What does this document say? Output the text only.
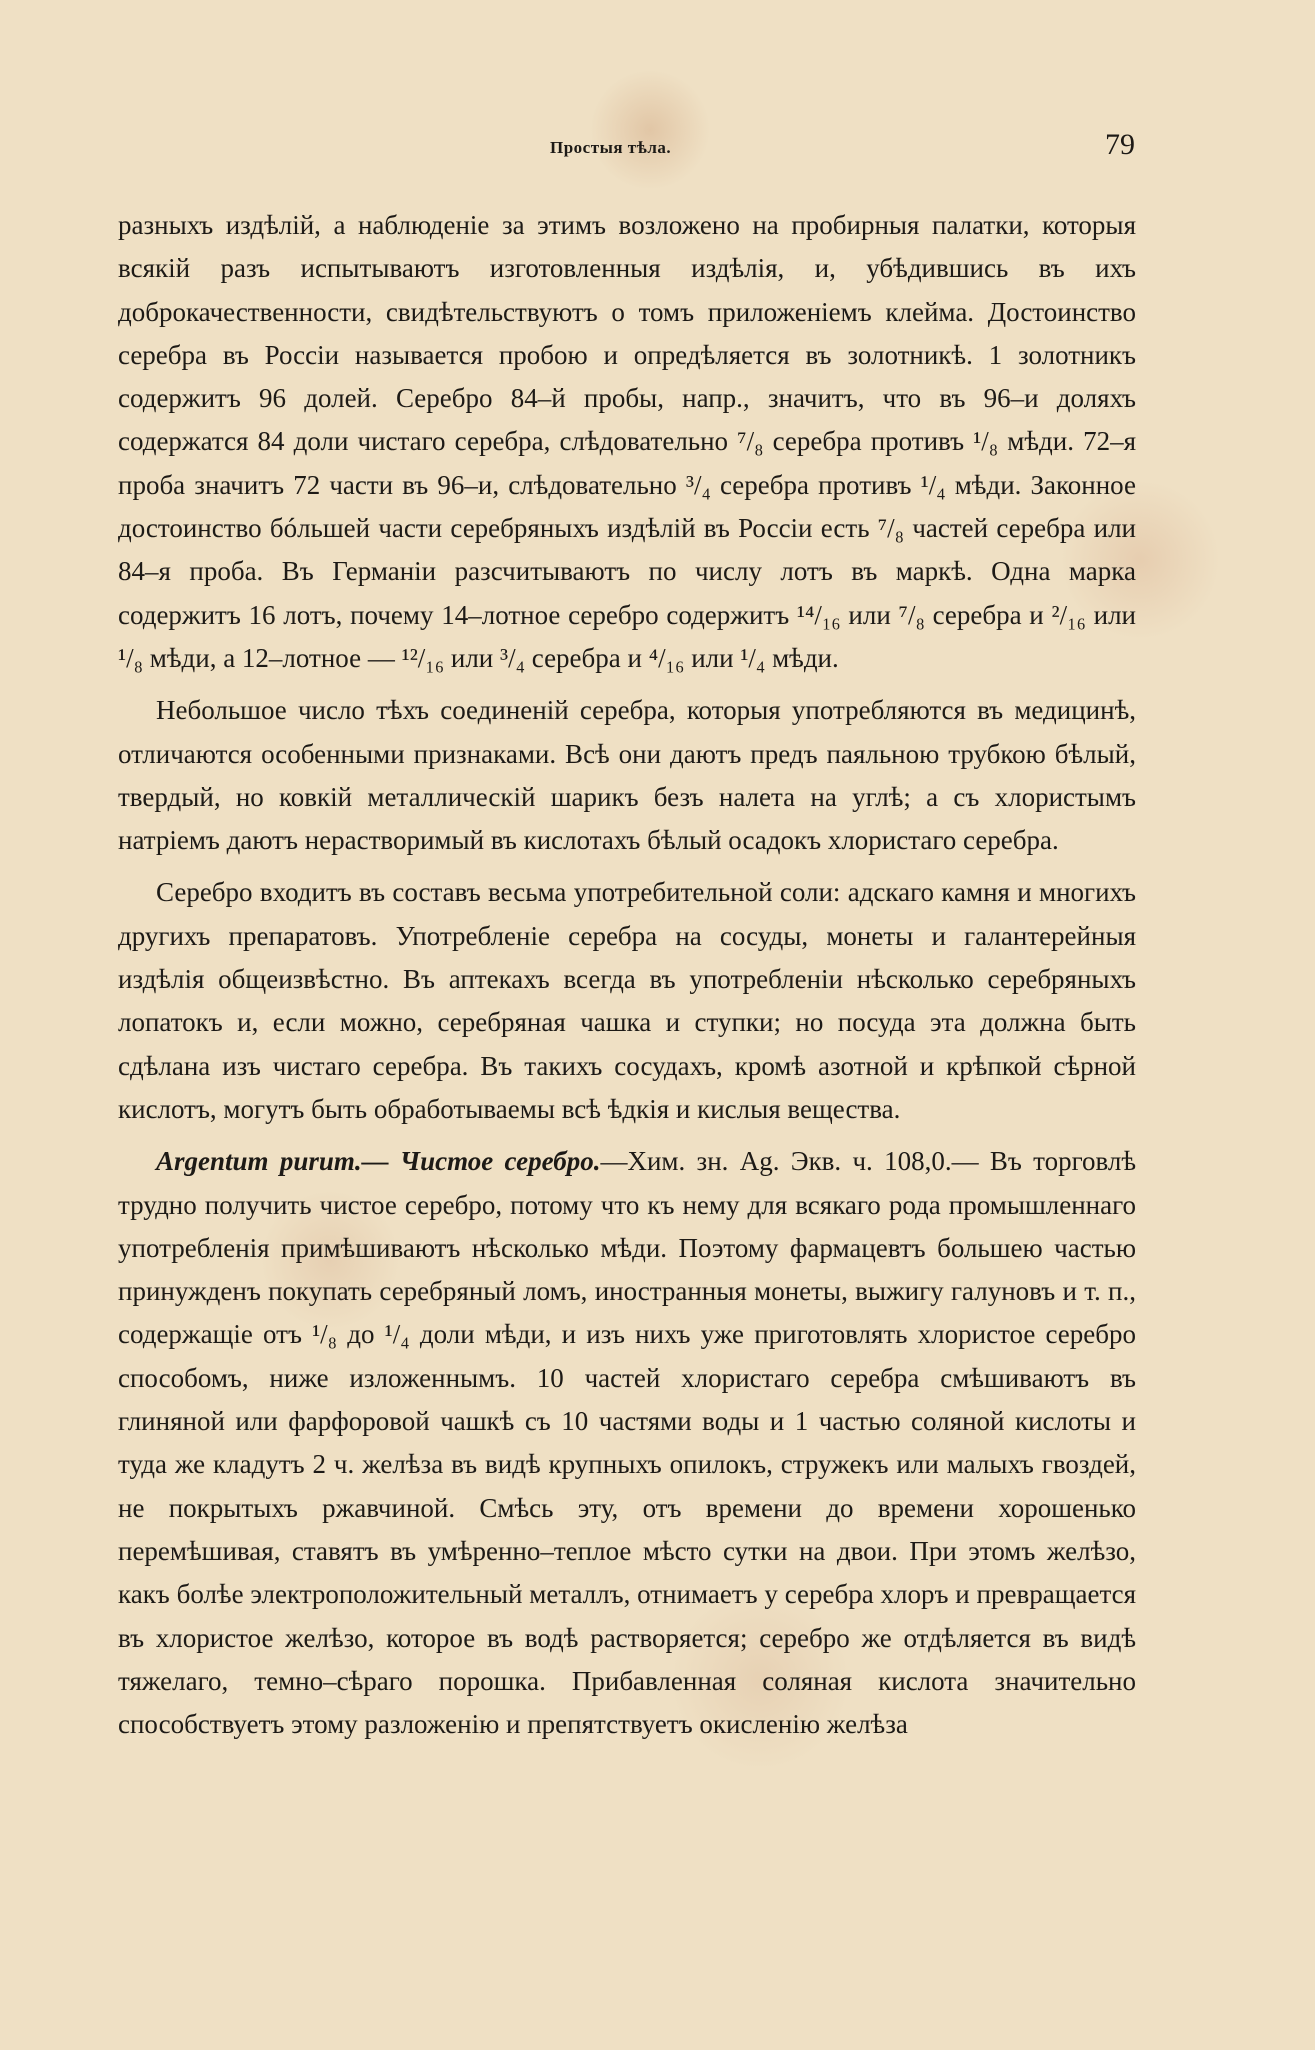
Простыя тѣла.	79

разныхъ издѣлій, а наблюденіе за этимъ возложено на пробирныя палатки, которыя всякій разъ испытываютъ изготовленныя издѣлія, и, убѣдившись въ ихъ доброкачественности, свидѣтельствуютъ о томъ приложеніемъ клейма. Достоинство серебра въ Россіи называется пробою и опредѣляется въ золотникѣ. 1 золотникъ содержитъ 96 долей. Серебро 84–й пробы, напр., значитъ, что въ 96–и доляхъ содержатся 84 доли чистаго серебра, слѣдовательно ⁷/₈ серебра противъ ¹/₈ мѣди. 72–я проба значитъ 72 части въ 96–и, слѣдовательно ³/₄ серебра противъ ¹/₄ мѣди. Законное достоинство бóльшей части серебряныхъ издѣлій въ Россіи есть ⁷/₈ частей серебра или 84–я проба. Въ Германіи разсчитываютъ по числу лотъ въ маркѣ. Одна марка содержитъ 16 лотъ, почему 14–лотное серебро содержитъ ¹⁴/₁₆ или ⁷/₈ серебра и ²/₁₆ или ¹/₈ мѣди, а 12–лотное — ¹²/₁₆ или ³/₄ серебра и ⁴/₁₆ или ¹/₄ мѣди.

Небольшое число тѣхъ соединеній серебра, которыя употребляются въ медицинѣ, отличаются особенными признаками. Всѣ они даютъ предъ паяльною трубкою бѣлый, твердый, но ковкій металлическій шарикъ безъ налета на углѣ; а съ хлористымъ натріемъ даютъ нерастворимый въ кислотахъ бѣлый осадокъ хлористаго серебра.

Серебро входитъ въ составъ весьма употребительной соли: адскаго камня и многихъ другихъ препаратовъ. Употребленіе серебра на сосуды, монеты и галантерейныя издѣлія общеизвѣстно. Въ аптекахъ всегда въ употребленіи нѣсколько серебряныхъ лопатокъ и, если можно, серебряная чашка и ступки; но посуда эта должна быть сдѣлана изъ чистаго серебра. Въ такихъ сосудахъ, кромѣ азотной и крѣпкой сѣрной кислотъ, могутъ быть обработываемы всѣ ѣдкія и кислыя вещества.

Argentum purum.— Чистое серебро.—Хим. зн. Ag. Экв. ч. 108,0.— Въ торговлѣ трудно получить чистое серебро, потому что къ нему для всякаго рода промышленнаго употребленія примѣшиваютъ нѣсколько мѣди. Поэтому фармацевтъ большею частью принужденъ покупать серебряный ломъ, иностранныя монеты, выжигу галуновъ и т. п., содержащіе отъ ¹/₈ до ¹/₄ доли мѣди, и изъ нихъ уже приготовлять хлористое серебро способомъ, ниже изложеннымъ. 10 частей хлористаго серебра смѣшиваютъ въ глиняной или фарфоровой чашкѣ съ 10 частями воды и 1 частью соляной кислоты и туда же кладутъ 2 ч. желѣза въ видѣ крупныхъ опилокъ, стружекъ или малыхъ гвоздей, не покрытыхъ ржавчиной. Смѣсь эту, отъ времени до времени хорошенько перемѣшивая, ставятъ въ умѣренно–теплое мѣсто сутки на двои. При этомъ желѣзо, какъ болѣе электроположительный металлъ, отнимаетъ у серебра хлоръ и превращается въ хлористое желѣзо, которое въ водѣ растворяется; серебро же отдѣляется въ видѣ тяжелаго, темно–сѣраго порошка. Прибавленная соляная кислота значительно способствуетъ этому разложенію и препятствуетъ окисленію желѣза
